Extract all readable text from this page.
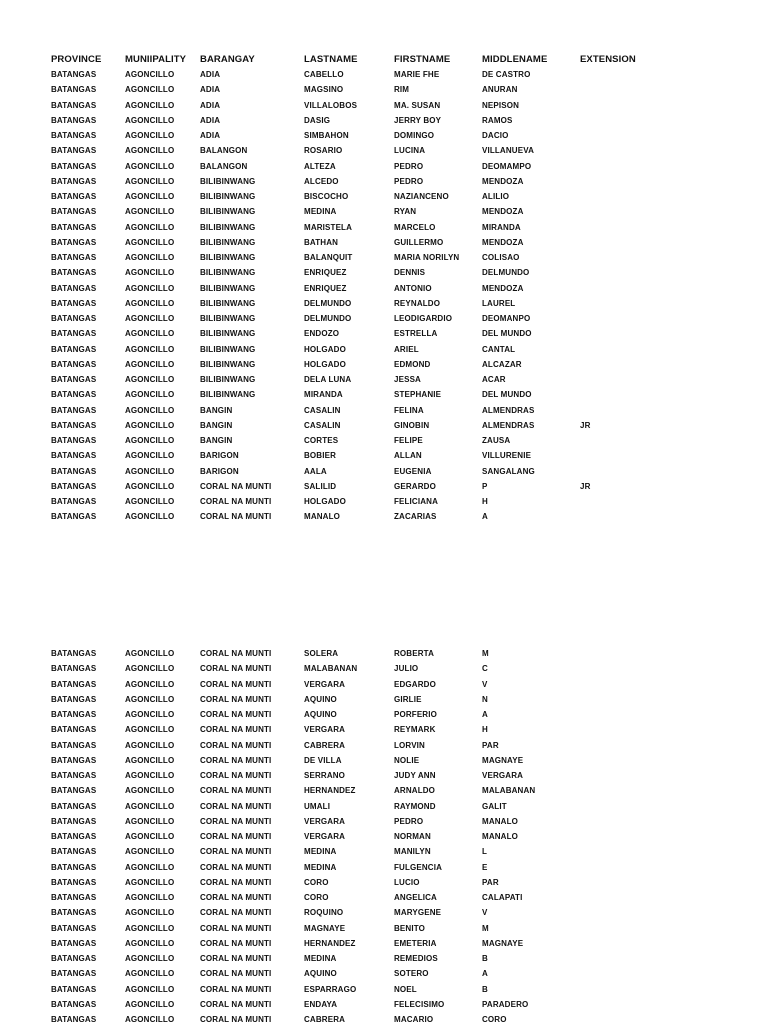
PROVINCE	MUNIIPALITY	BARANGAY	LASTNAME	FIRSTNAME	MIDDLENAME	EXTENSION
BATANGAS	AGONCILLO	ADIA	CABELLO	MARIE FHE	DE CASTRO	
BATANGAS	AGONCILLO	ADIA	MAGSINO	RIM	ANURAN	
BATANGAS	AGONCILLO	ADIA	VILLALOBOS	MA. SUSAN	NEPISON	
BATANGAS	AGONCILLO	ADIA	DASIG	JERRY BOY	RAMOS	
BATANGAS	AGONCILLO	ADIA	SIMBAHON	DOMINGO	DACIO	
BATANGAS	AGONCILLO	BALANGON	ROSARIO	LUCINA	VILLANUEVA	
BATANGAS	AGONCILLO	BALANGON	ALTEZA	PEDRO	DEOMAMPO	
BATANGAS	AGONCILLO	BILIBINWANG	ALCEDO	PEDRO	MENDOZA	
BATANGAS	AGONCILLO	BILIBINWANG	BISCOCHO	NAZIANCENO	ALILIO	
BATANGAS	AGONCILLO	BILIBINWANG	MEDINA	RYAN	MENDOZA	
BATANGAS	AGONCILLO	BILIBINWANG	MARISTELA	MARCELO	MIRANDA	
BATANGAS	AGONCILLO	BILIBINWANG	BATHAN	GUILLERMO	MENDOZA	
BATANGAS	AGONCILLO	BILIBINWANG	BALANQUIT	MARIA NORILYN	COLISAO	
BATANGAS	AGONCILLO	BILIBINWANG	ENRIQUEZ	DENNIS	DELMUNDO	
BATANGAS	AGONCILLO	BILIBINWANG	ENRIQUEZ	ANTONIO	MENDOZA	
BATANGAS	AGONCILLO	BILIBINWANG	DELMUNDO	REYNALDO	LAUREL	
BATANGAS	AGONCILLO	BILIBINWANG	DELMUNDO	LEODIGARDIO	DEOMANPO	
BATANGAS	AGONCILLO	BILIBINWANG	ENDOZO	ESTRELLA	DEL MUNDO	
BATANGAS	AGONCILLO	BILIBINWANG	HOLGADO	ARIEL	CANTAL	
BATANGAS	AGONCILLO	BILIBINWANG	HOLGADO	EDMOND	ALCAZAR	
BATANGAS	AGONCILLO	BILIBINWANG	DELA LUNA	JESSA	ACAR	
BATANGAS	AGONCILLO	BILIBINWANG	MIRANDA	STEPHANIE	DEL MUNDO	
BATANGAS	AGONCILLO	BANGIN	CASALIN	FELINA	ALMENDRAS	
BATANGAS	AGONCILLO	BANGIN	CASALIN	GINOBIN	ALMENDRAS	JR
BATANGAS	AGONCILLO	BANGIN	CORTES	FELIPE	ZAUSA	
BATANGAS	AGONCILLO	BARIGON	BOBIER	ALLAN	VILLURENIE	
BATANGAS	AGONCILLO	BARIGON	AALA	EUGENIA	SANGALANG	
BATANGAS	AGONCILLO	CORAL NA MUNTI	SALILID	GERARDO	P	JR
BATANGAS	AGONCILLO	CORAL NA MUNTI	HOLGADO	FELICIANA	H	
BATANGAS	AGONCILLO	CORAL NA MUNTI	MANALO	ZACARIAS	A	
BATANGAS	AGONCILLO	CORAL NA MUNTI	SOLERA	ROBERTA	M	
BATANGAS	AGONCILLO	CORAL NA MUNTI	MALABANAN	JULIO	C	
BATANGAS	AGONCILLO	CORAL NA MUNTI	VERGARA	EDGARDO	V	
BATANGAS	AGONCILLO	CORAL NA MUNTI	AQUINO	GIRLIE	N	
BATANGAS	AGONCILLO	CORAL NA MUNTI	AQUINO	PORFERIO	A	
BATANGAS	AGONCILLO	CORAL NA MUNTI	VERGARA	REYMARK	H	
BATANGAS	AGONCILLO	CORAL NA MUNTI	CABRERA	LORVIN	PAR	
BATANGAS	AGONCILLO	CORAL NA MUNTI	DE VILLA	NOLIE	MAGNAYE	
BATANGAS	AGONCILLO	CORAL NA MUNTI	SERRANO	JUDY ANN	VERGARA	
BATANGAS	AGONCILLO	CORAL NA MUNTI	HERNANDEZ	ARNALDO	MALABANAN	
BATANGAS	AGONCILLO	CORAL NA MUNTI	UMALI	RAYMOND	GALIT	
BATANGAS	AGONCILLO	CORAL NA MUNTI	VERGARA	PEDRO	MANALO	
BATANGAS	AGONCILLO	CORAL NA MUNTI	VERGARA	NORMAN	MANALO	
BATANGAS	AGONCILLO	CORAL NA MUNTI	MEDINA	MANILYN	L	
BATANGAS	AGONCILLO	CORAL NA MUNTI	MEDINA	FULGENCIA	E	
BATANGAS	AGONCILLO	CORAL NA MUNTI	CORO	LUCIO	PAR	
BATANGAS	AGONCILLO	CORAL NA MUNTI	CORO	ANGELICA	CALAPATI	
BATANGAS	AGONCILLO	CORAL NA MUNTI	ROQUINO	MARYGENE	V	
BATANGAS	AGONCILLO	CORAL NA MUNTI	MAGNAYE	BENITO	M	
BATANGAS	AGONCILLO	CORAL NA MUNTI	HERNANDEZ	EMETERIA	MAGNAYE	
BATANGAS	AGONCILLO	CORAL NA MUNTI	MEDINA	REMEDIOS	B	
BATANGAS	AGONCILLO	CORAL NA MUNTI	AQUINO	SOTERO	A	
BATANGAS	AGONCILLO	CORAL NA MUNTI	ESPARRAGO	NOEL	B	
BATANGAS	AGONCILLO	CORAL NA MUNTI	ENDAYA	FELECISIMO	PARADERO	
BATANGAS	AGONCILLO	CORAL NA MUNTI	CABRERA	MACARIO	CORO	
